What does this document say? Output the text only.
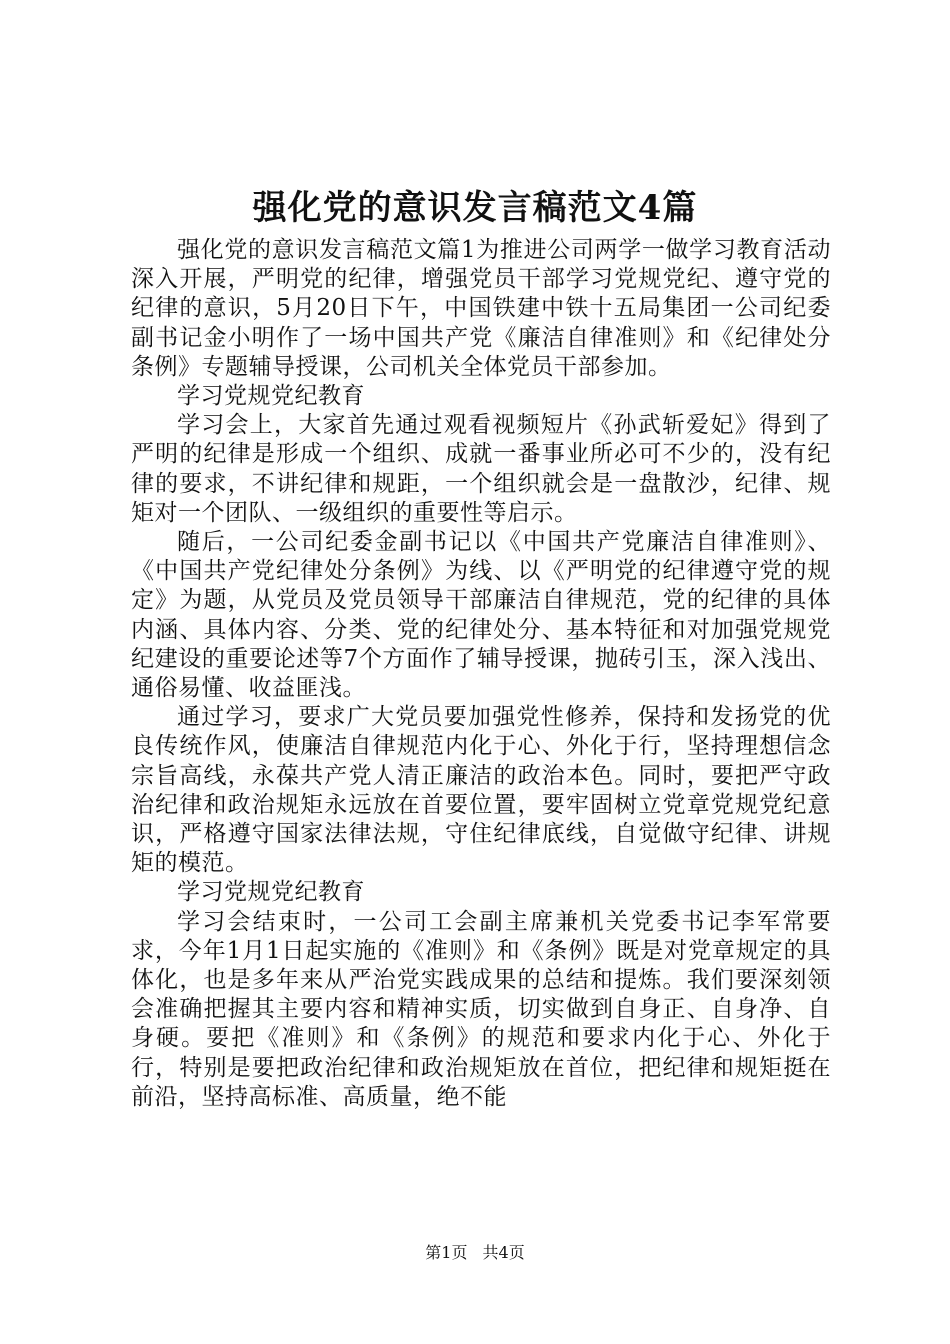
强化党的意识发言稿范文4篇

强化党的意识发言稿范文篇1为推进公司两学一做学习教育活动深入开展，严明党的纪律，增强党员干部学习党规党纪、遵守党的纪律的意识，5月20日下午，中国铁建中铁十五局集团一公司纪委副书记金小明作了一场中国共产党《廉洁自律准则》和《纪律处分条例》专题辅导授课，公司机关全体党员干部参加。

学习党规党纪教育

学习会上，大家首先通过观看视频短片《孙武斩爱妃》得到了严明的纪律是形成一个组织、成就一番事业所必可不少的，没有纪律的要求，不讲纪律和规距，一个组织就会是一盘散沙，纪律、规矩对一个团队、一级组织的重要性等启示。

随后，一公司纪委金副书记以《中国共产党廉洁自律准则》、《中国共产党纪律处分条例》为线、以《严明党的纪律遵守党的规定》为题，从党员及党员领导干部廉洁自律规范，党的纪律的具体内涵、具体内容、分类、党的纪律处分、基本特征和对加强党规党纪建设的重要论述等7个方面作了辅导授课，抛砖引玉，深入浅出、通俗易懂、收益匪浅。

通过学习，要求广大党员要加强党性修养，保持和发扬党的优良传统作风，使廉洁自律规范内化于心、外化于行，坚持理想信念宗旨高线，永葆共产党人清正廉洁的政治本色。同时，要把严守政治纪律和政治规矩永远放在首要位置，要牢固树立党章党规党纪意识，严格遵守国家法律法规，守住纪律底线，自觉做守纪律、讲规矩的模范。

学习党规党纪教育

学习会结束时，一公司工会副主席兼机关党委书记李军常要求，今年1月1日起实施的《准则》和《条例》既是对党章规定的具体化，也是多年来从严治党实践成果的总结和提炼。我们要深刻领会准确把握其主要内容和精神实质，切实做到自身正、自身净、自身硬。要把《准则》和《条例》的规范和要求内化于心、外化于行，特别是要把政治纪律和政治规矩放在首位，把纪律和规矩挺在前沿，坚持高标准、高质量，绝不能

第1页 共4页
